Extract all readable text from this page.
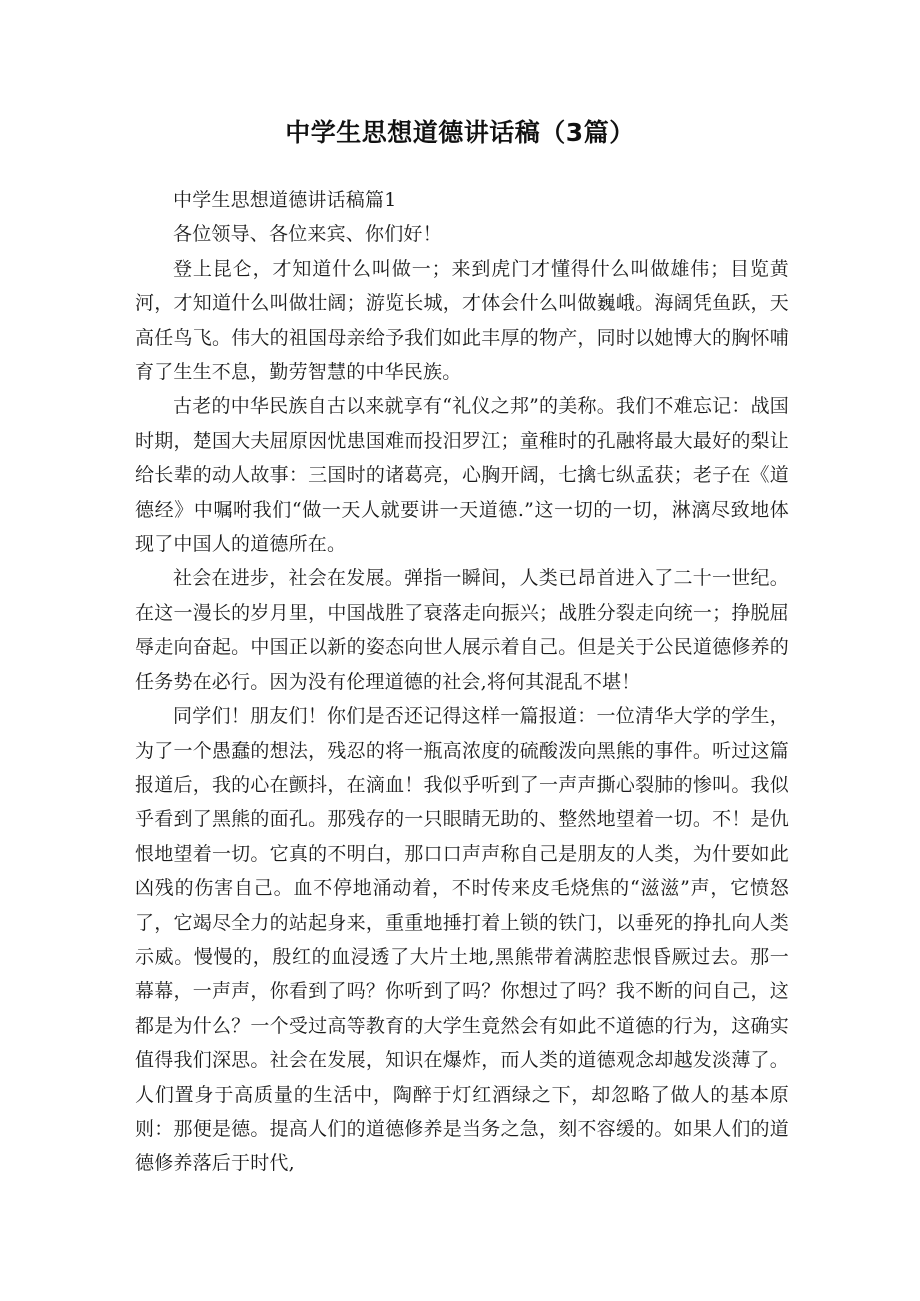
中学生思想道德讲话稿（3篇）

中学生思想道德讲话稿篇1

各位领导、各位来宾、你们好！

登上昆仑，才知道什么叫做一；来到虎门才懂得什么叫做雄伟；目览黄河，才知道什么叫做壮阔；游览长城，才体会什么叫做巍峨。海阔凭鱼跃，天高任鸟飞。伟大的祖国母亲给予我们如此丰厚的物产，同时以她博大的胸怀哺育了生生不息，勤劳智慧的中华民族。

古老的中华民族自古以来就享有“礼仪之邦”的美称。我们不难忘记：战国时期，楚国大夫屈原因忧患国难而投汨罗江；童稚时的孔融将最大最好的梨让给长辈的动人故事：三国时的诸葛亮，心胸开阔，七擒七纵孟获；老子在《道德经》中嘱咐我们“做一天人就要讲一天道德.”这一切的一切，淋漓尽致地体现了中国人的道德所在。

社会在进步，社会在发展。弹指一瞬间，人类已昂首进入了二十一世纪。在这一漫长的岁月里，中国战胜了衰落走向振兴；战胜分裂走向统一；挣脱屈辱走向奋起。中国正以新的姿态向世人展示着自己。但是关于公民道德修养的任务势在必行。因为没有伦理道德的社会,将何其混乱不堪！

同学们！朋友们！你们是否还记得这样一篇报道：一位清华大学的学生，为了一个愚蠢的想法，残忍的将一瓶高浓度的硫酸泼向黑熊的事件。听过这篇报道后，我的心在颤抖，在滴血！我似乎听到了一声声撕心裂肺的惨叫。我似乎看到了黑熊的面孔。那残存的一只眼睛无助的、整然地望着一切。不！是仇恨地望着一切。它真的不明白，那口口声声称自己是朋友的人类，为什要如此凶残的伤害自己。血不停地涌动着，不时传来皮毛烧焦的“滋滋”声，它愤怒了，它竭尽全力的站起身来，重重地捶打着上锁的铁门，以垂死的挣扎向人类示威。慢慢的，殷红的血浸透了大片土地,黑熊带着满腔悲恨昏厥过去。那一幕幕，一声声，你看到了吗？你听到了吗？你想过了吗？我不断的问自己，这都是为什么？一个受过高等教育的大学生竟然会有如此不道德的行为，这确实值得我们深思。社会在发展，知识在爆炸，而人类的道德观念却越发淡薄了。人们置身于高质量的生活中，陶醉于灯红酒绿之下，却忽略了做人的基本原则：那便是德。提高人们的道德修养是当务之急，刻不容缓的。如果人们的道德修养落后于时代,
